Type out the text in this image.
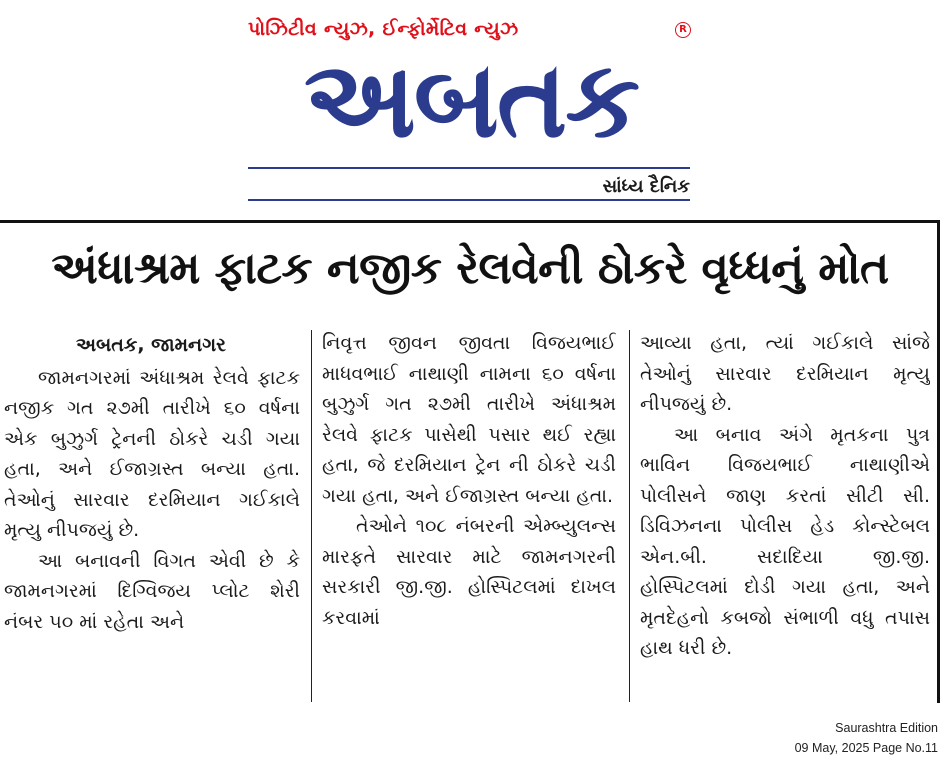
પોઝિટીવ ન્યુઝ, ઈન્ફોર્મેટિવ ન્યુઝ	R
અબતક
સાંધ્ય દૈનિક
અંધાશ્રમ ફાટક નજીક રેલવેની ઠોકરે વૃધ્ધનું મોત
અબતક, જામનગર

જામનગરમાં અંધાશ્રમ રેલવે ફાટક નજીક ગત ૨૭મી તારીખે ૬૦ વર્ષના એક બુઝુર્ગ ટ્રેનની ઠોકરે ચડી ગયા હતા, અને ઈજાગ્રસ્ત બન્યા હતા. તેઓનું સારવાર દરમિયાન ગઈકાલે મૃત્યુ નીપજયું છે.

આ બનાવની વિગત એવી છે કે જામનગરમાં દિગ્વિજય પ્લોટ શેરી નંબર ૫૦ માં રહેતા અને

નિવૃત્ત જીવન જીવતા વિજયભાઈ માધવભાઈ નાથાણી નામના ૬૦ વર્ષના બુઝુર્ગ ગત ૨૭મી તારીખે અંધાશ્રમ રેલવે ફાટક પાસેથી પસાર થઈ રહ્યા હતા, જે દરમિયાન ટ્રેન ની ઠોકરે ચડી ગયા હતા, અને ઈજાગ્રસ્ત બન્યા હતા.

તેઓને ૧૦૮ નંબરની એમ્બ્યુલન્સ મારફતે સારવાર માટે જામનગરની સરકારી જી.જી. હોસ્પિટલમાં દાખલ કરવામાં

આવ્યા હતા, ત્યાં ગઈકાલે સાંજે તેઓનું સારવાર દરમિયાન મૃત્યુ નીપજયું છે.

આ બનાવ અંગે મૃતકના પુત્ર ભાવિન વિજયભાઈ નાથાણીએ પોલીસને જાણ કરતાં સીટી સી. ડિવિઝનના પોલીસ હેડ કોન્સ્ટેબલ એન.બી. સદાદિયા જી.જી. હોસ્પિટલમાં દોડી ગયા હતા, અને મૃતદેહનો કબજો સંભાળી વધુ તપાસ હાથ ધરી છે.

Saurashtra Edition
09 May, 2025 Page No.11
